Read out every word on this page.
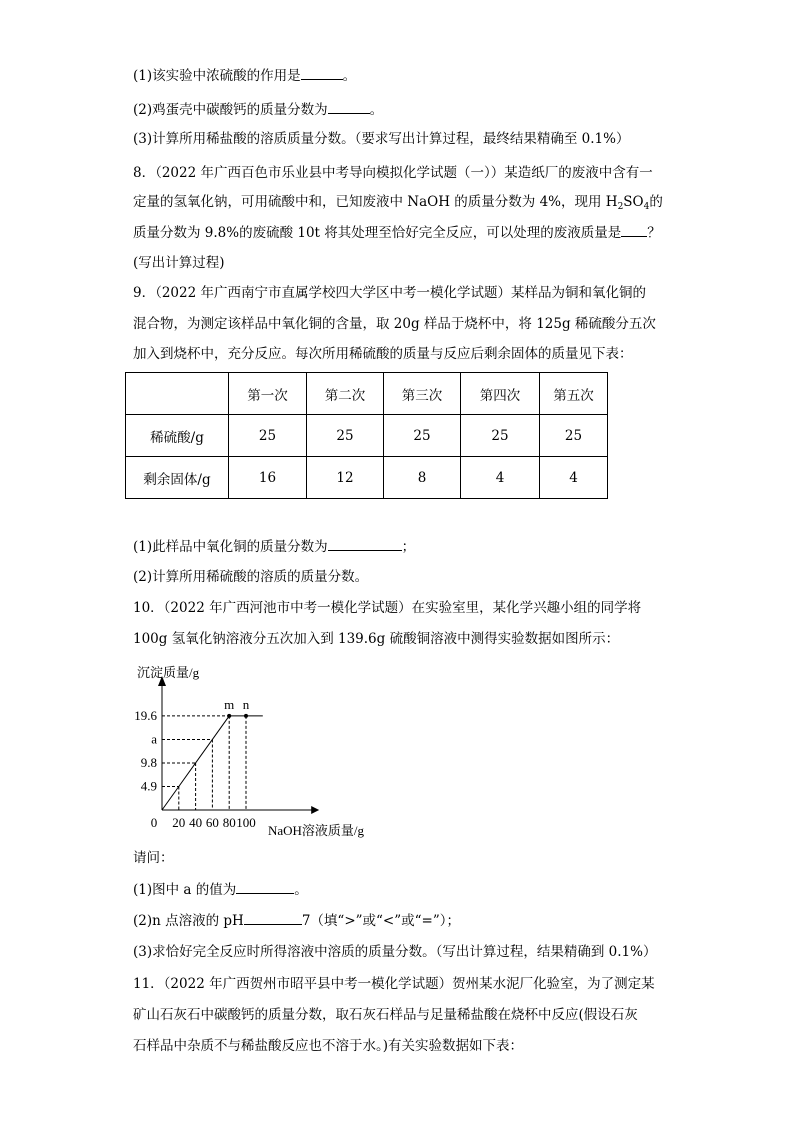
(1)该实验中浓硫酸的作用是	。
(2)鸡蛋壳中碳酸钙的质量分数为	。
(3)计算所用稀盐酸的溶质质量分数。（要求写出计算过程，最终结果精确至 0.1%）
8．（2022 年广西百色市乐业县中考导向模拟化学试题（一））某造纸厂的废液中含有一
定量的氢氧化钠，可用硫酸中和，已知废液中 NaOH 的质量分数为 4%，现用 $H_2SO_4$的
质量分数为 9.8%的废硫酸 10t 将其处理至恰好完全反应，可以处理的废液质量是 ？
(写出计算过程)
9．（2022 年广西南宁市直属学校四大学区中考一模化学试题）某样品为铜和氧化铜的
混合物，为测定该样品中氧化铜的含量，取 20g 样品于烧杯中，将 125g 稀硫酸分五次
加入到烧杯中，充分反应。每次所用稀硫酸的质量与反应后剩余固体的质量见下表：
	第一次	第二次	第三次	第四次	第五次
稀硫酸/g	25	25	25	25	25
剩余固体/g	16	12	8	4	4
(1)此样品中氧化铜的质量分数为	；
(2)计算所用稀硫酸的溶质的质量分数。
10．（2022 年广西河池市中考一模化学试题）在实验室里，某化学兴趣小组的同学将
100g 氢氧化钠溶液分五次加入到 139.6g 硫酸铜溶液中测得实验数据如图所示：
沉淀质量/g
NaOH溶液质量/g
4.9
9.8
a
19.6
0 20 40 60 80 100
m n
请问：
(1)图中 a 的值为	。
(2)n 点溶液的 pH	7（填“>”或“<”或“=”）；
(3)求恰好完全反应时所得溶液中溶质的质量分数。（写出计算过程，结果精确到 0.1%）
11．（2022 年广西贺州市昭平县中考一模化学试题）贺州某水泥厂化验室，为了测定某
矿山石灰石中碳酸钙的质量分数，取石灰石样品与足量稀盐酸在烧杯中反应(假设石灰
石样品中杂质不与稀盐酸反应也不溶于水。)有关实验数据如下表：
